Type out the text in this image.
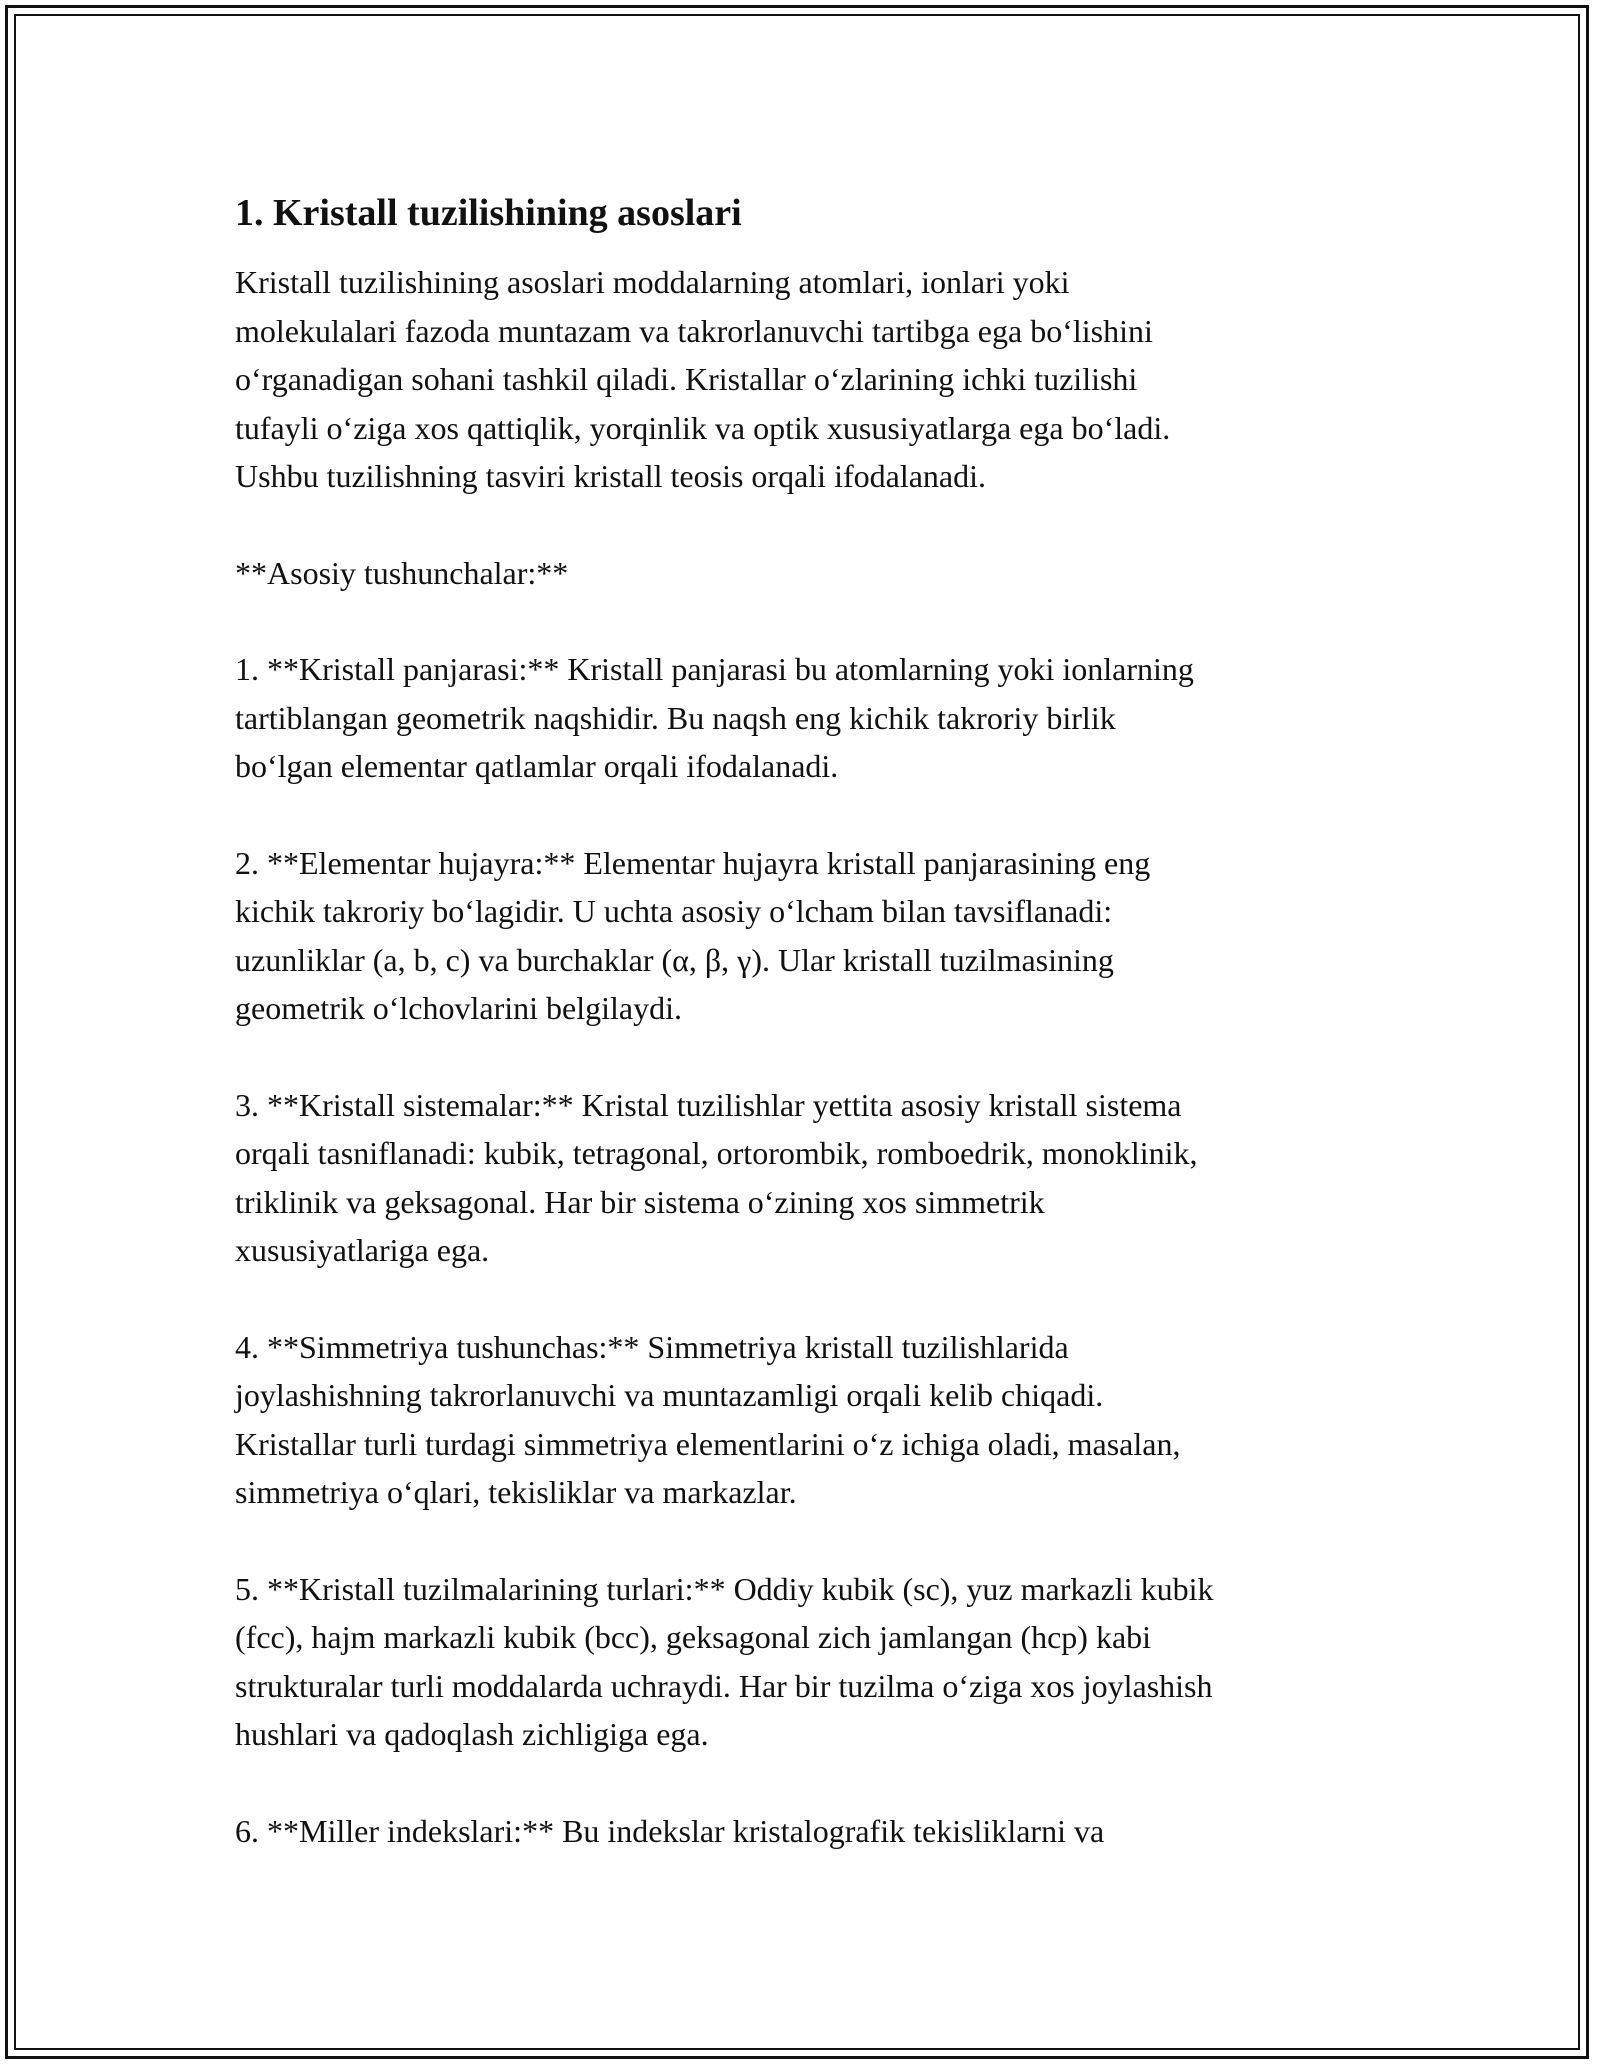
1. Kristall tuzilishining asoslari

Kristall tuzilishining asoslari moddalarning atomlari, ionlari yoki
molekulalari fazoda muntazam va takrorlanuvchi tartibga ega boʻlishini
oʻrganadigan sohani tashkil qiladi. Kristallar oʻzlarining ichki tuzilishi
tufayli oʻziga xos qattiqlik, yorqinlik va optik xususiyatlarga ega boʻladi.
Ushbu tuzilishning tasviri kristall teosis orqali ifodalanadi.

**Asosiy tushunchalar:**

1. **Kristall panjarasi:** Kristall panjarasi bu atomlarning yoki ionlarning
tartiblangan geometrik naqshidir. Bu naqsh eng kichik takroriy birlik
boʻlgan elementar qatlamlar orqali ifodalanadi.

2. **Elementar hujayra:** Elementar hujayra kristall panjarasining eng
kichik takroriy boʻlagidir. U uchta asosiy oʻlcham bilan tavsiflanadi:
uzunliklar (a, b, c) va burchaklar (α, β, γ). Ular kristall tuzilmasining
geometrik oʻlchovlarini belgilaydi.

3. **Kristall sistemalar:** Kristal tuzilishlar yettita asosiy kristall sistema
orqali tasniflanadi: kubik, tetragonal, ortorombik, romboedrik, monoklinik,
triklinik va geksagonal. Har bir sistema oʻzining xos simmetrik
xususiyatlariga ega.

4. **Simmetriya tushunchas:** Simmetriya kristall tuzilishlarida
joylashishning takrorlanuvchi va muntazamligi orqali kelib chiqadi.
Kristallar turli turdagi simmetriya elementlarini oʻz ichiga oladi, masalan,
simmetriya oʻqlari, tekisliklar va markazlar.

5. **Kristall tuzilmalarining turlari:** Oddiy kubik (sc), yuz markazli kubik
(fcc), hajm markazli kubik (bcc), geksagonal zich jamlangan (hcp) kabi
strukturalar turli moddalarda uchraydi. Har bir tuzilma oʻziga xos joylashish
hushlari va qadoqlash zichligiga ega.

6. **Miller indekslari:** Bu indekslar kristalografik tekisliklarni va
